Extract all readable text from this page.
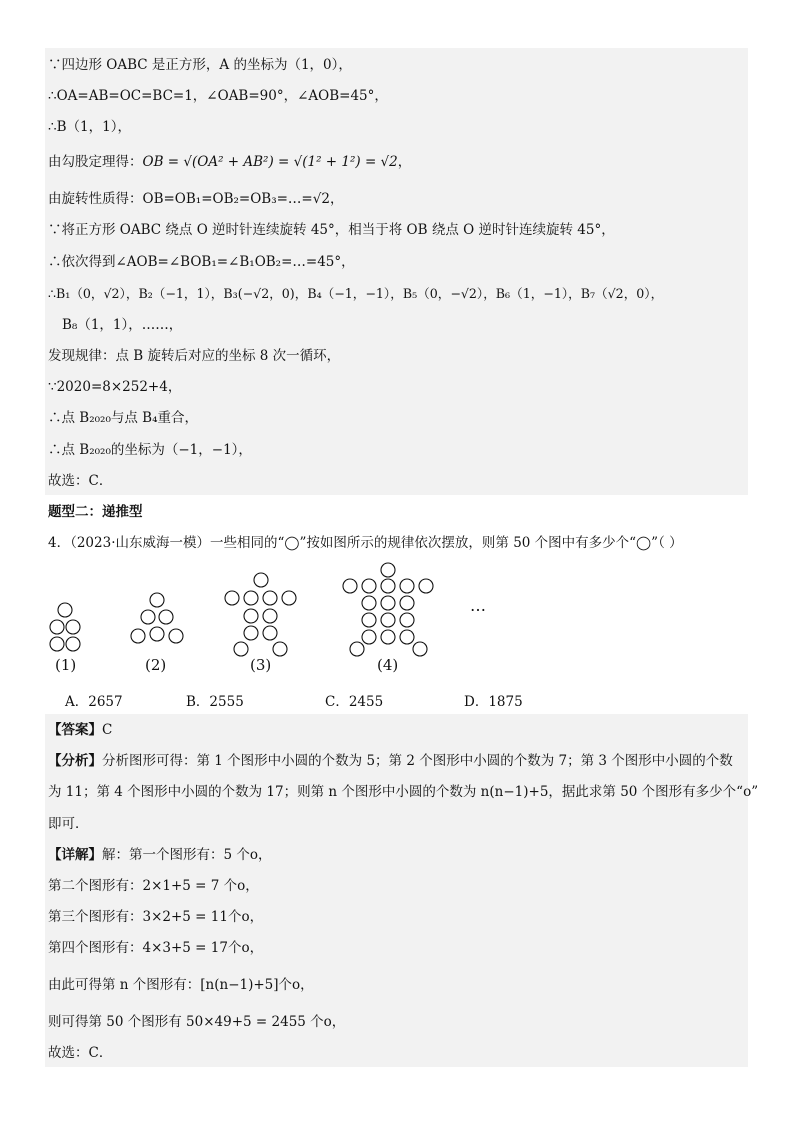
∵四边形 OABC 是正方形，A 的坐标为（1，0），
∴OA=AB=OC=BC=1，∠OAB=90°，∠AOB=45°，
∴B（1，1），
由勾股定理得：OB = √(OA² + AB²) = √(1² + 1²) = √2，
由旋转性质得：OB=OB₁=OB₂=OB₃=…=√2，
∵将正方形 OABC 绕点 O 逆时针连续旋转 45°，相当于将 OB 绕点 O 逆时针连续旋转 45°，
∴依次得到∠AOB=∠BOB₁=∠B₁OB₂=…=45°，
∴B₁（0，√2），B₂（−1，1），B₃(−√2，0)，B₄（−1，−1），B₅（0，−√2），B₆（1，−1），B₇（√2，0），
B₈（1，1），……，
发现规律：点 B 旋转后对应的坐标 8 次一循环，
∵2020=8×252+4，
∴点 B₂₀₂₀与点 B₄重合，
∴点 B₂₀₂₀的坐标为（−1，−1），
故选：C．
题型二：递推型
4．（2023·山东威海一模）一些相同的“◯”按如图所示的规律依次摆放，则第 50 个图中有多少个“◯”（ ）
(1)	(2)	(3)	(4)
…
A．2657	B．2555	C．2455	D．1875
【答案】C
【分析】分析图形可得：第 1 个图形中小圆的个数为 5；第 2 个图形中小圆的个数为 7；第 3 个图形中小圆的个数
为 11；第 4 个图形中小圆的个数为 17；则第 n 个图形中小圆的个数为 n(n−1)+5，据此求第 50 个图形有多少个“o”
即可．
【详解】解：第一个图形有：5 个o，
第二个图形有：2×1+5 = 7 个o，
第三个图形有：3×2+5 = 11个o，
第四个图形有：4×3+5 = 17个o，
由此可得第 n 个图形有：[n(n−1)+5]个o，
则可得第 50 个图形有 50×49+5 = 2455 个o，
故选：C．
